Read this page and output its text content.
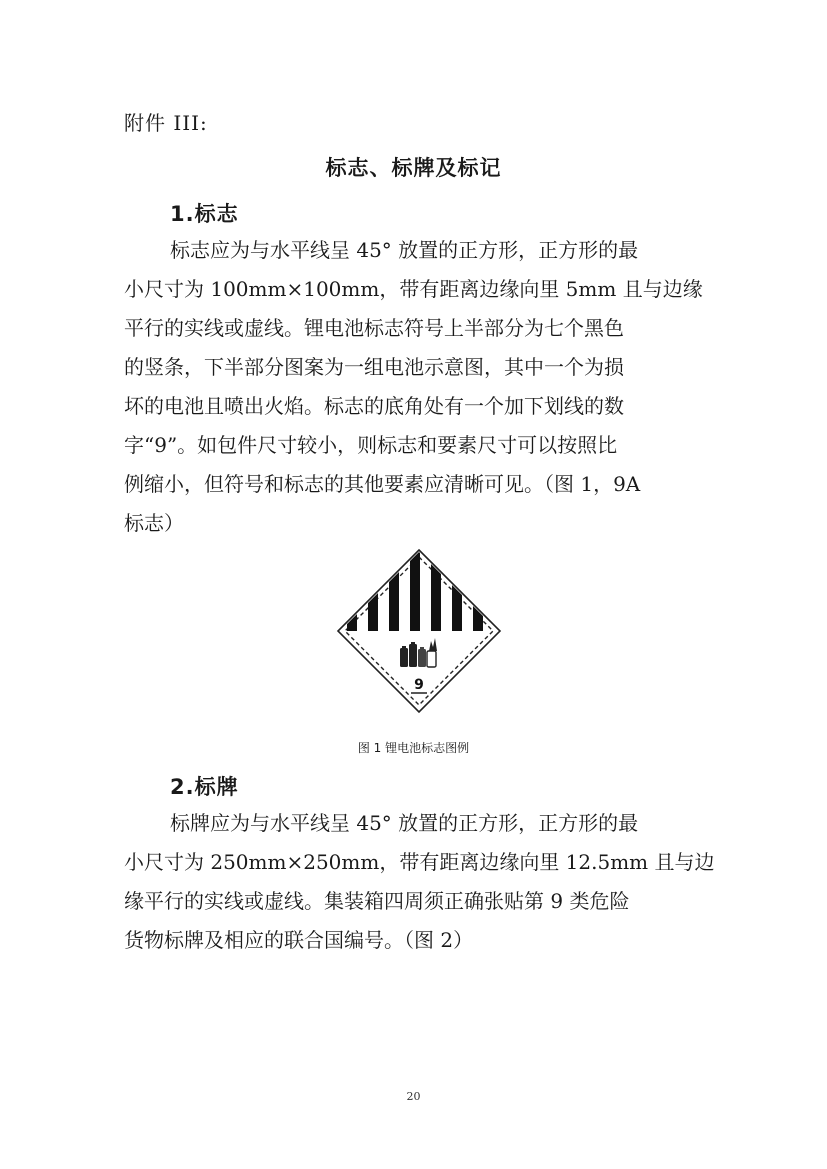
附件 III:
标志、标牌及标记
1.标志
标志应为与水平线呈 45° 放置的正方形，正方形的最
小尺寸为 100mm×100mm，带有距离边缘向里 5mm 且与边缘
平行的实线或虚线。锂电池标志符号上半部分为七个黑色
的竖条，下半部分图案为一组电池示意图，其中一个为损
坏的电池且喷出火焰。标志的底角处有一个加下划线的数
字“9”。如包件尺寸较小，则标志和要素尺寸可以按照比
例缩小，但符号和标志的其他要素应清晰可见。（图 1，9A
标志）
9
图 1 锂电池标志图例
2.标牌
标牌应为与水平线呈 45° 放置的正方形，正方形的最
小尺寸为 250mm×250mm，带有距离边缘向里 12.5mm 且与边
缘平行的实线或虚线。集装箱四周须正确张贴第 9 类危险
货物标牌及相应的联合国编号。（图 2）
20
